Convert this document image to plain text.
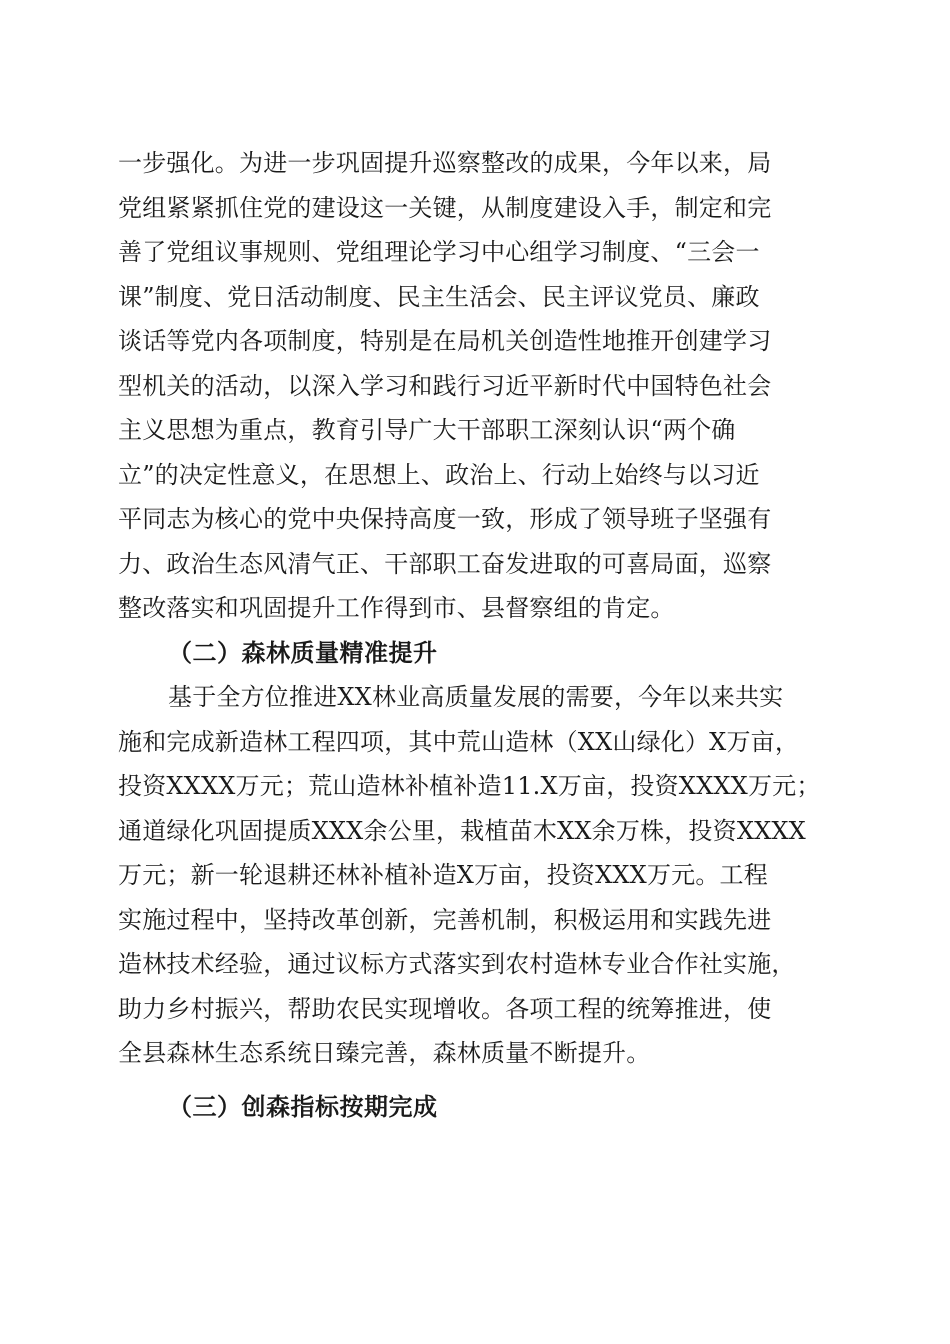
一步强化。为进一步巩固提升巡察整改的成果，今年以来，局
党组紧紧抓住党的建设这一关键，从制度建设入手，制定和完
善了党组议事规则、党组理论学习中心组学习制度、“三会一
课”制度、党日活动制度、民主生活会、民主评议党员、廉政
谈话等党内各项制度，特别是在局机关创造性地推开创建学习
型机关的活动，以深入学习和践行习近平新时代中国特色社会
主义思想为重点，教育引导广大干部职工深刻认识“两个确
立”的决定性意义，在思想上、政治上、行动上始终与以习近
平同志为核心的党中央保持高度一致，形成了领导班子坚强有
力、政治生态风清气正、干部职工奋发进取的可喜局面，巡察
整改落实和巩固提升工作得到市、县督察组的肯定。
（二）森林质量精准提升
基于全方位推进XX林业高质量发展的需要，今年以来共实
施和完成新造林工程四项，其中荒山造林（XX山绿化）X万亩，
投资XXXX万元；荒山造林补植补造11.X万亩，投资XXXX万元；
通道绿化巩固提质XXX余公里，栽植苗木XX余万株，投资XXXX
万元；新一轮退耕还林补植补造X万亩，投资XXX万元。工程
实施过程中，坚持改革创新，完善机制，积极运用和实践先进
造林技术经验，通过议标方式落实到农村造林专业合作社实施，
助力乡村振兴，帮助农民实现增收。各项工程的统筹推进，使
全县森林生态系统日臻完善，森林质量不断提升。
（三）创森指标按期完成
